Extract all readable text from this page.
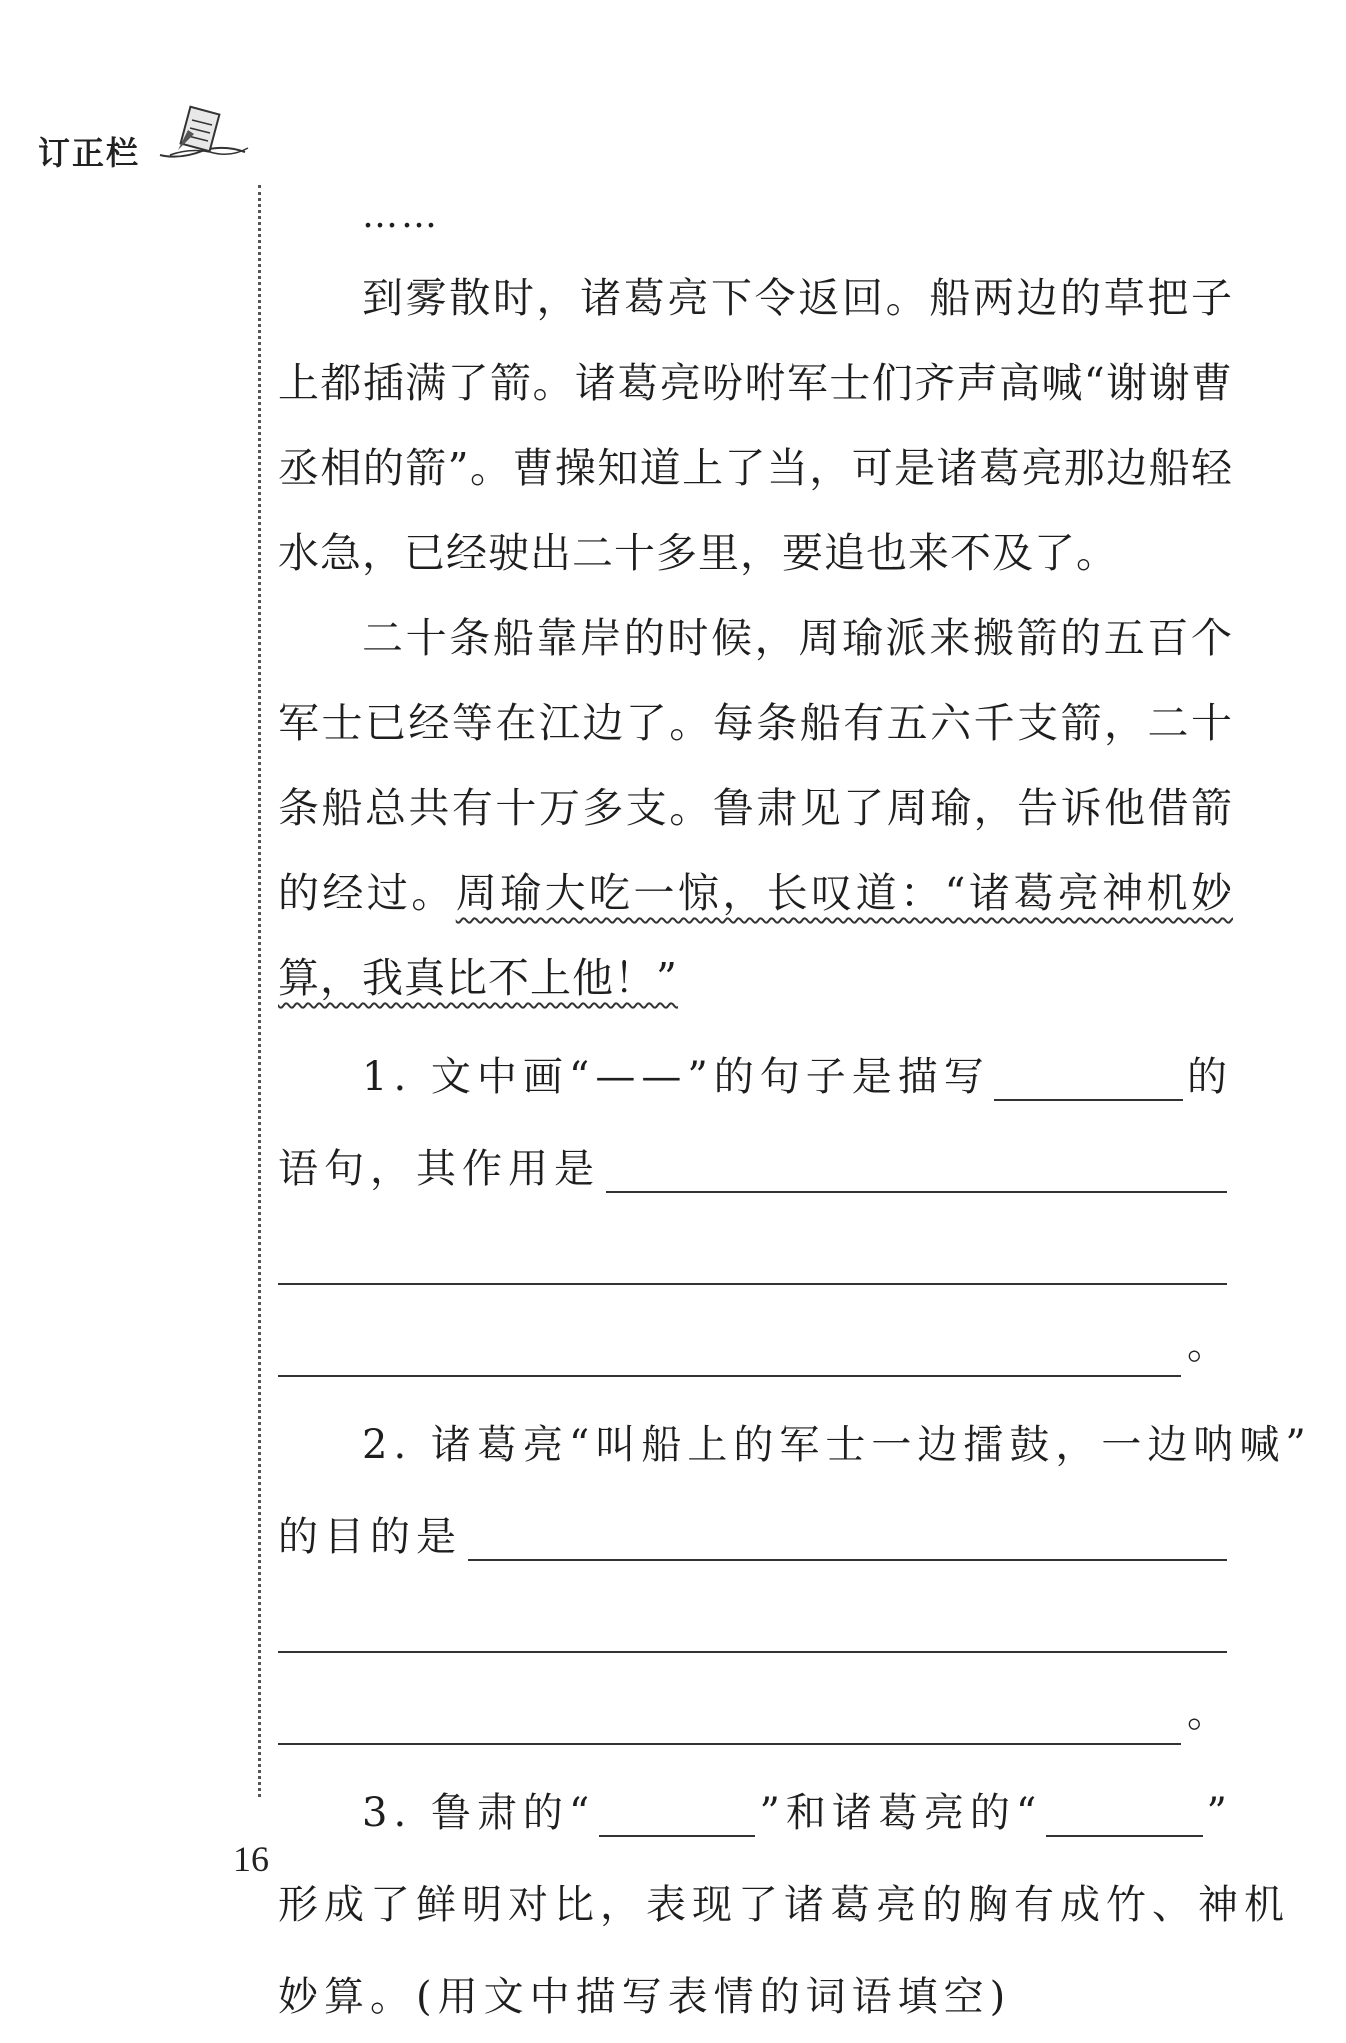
订正栏
……

到雾散时，诸葛亮下令返回。船两边的草把子上都插满了箭。诸葛亮吩咐军士们齐声高喊“谢谢曹丞相的箭”。曹操知道上了当，可是诸葛亮那边船轻水急，已经驶出二十多里，要追也来不及了。

二十条船靠岸的时候，周瑜派来搬箭的五百个军士已经等在江边了。每条船有五六千支箭，二十条船总共有十万多支。鲁肃见了周瑜，告诉他借箭的经过。周瑜大吃一惊，长叹道：“诸葛亮神机妙算，我真比不上他！”

1. 文中画“——”的句子是描写	的
语句，其作用是
。
2. 诸葛亮“叫船上的军士一边擂鼓，一边呐喊”
的目的是
。
3. 鲁肃的“	”和诸葛亮的“	”
形成了鲜明对比，表现了诸葛亮的胸有成竹、神机
妙算。(用文中描写表情的词语填空)
16
